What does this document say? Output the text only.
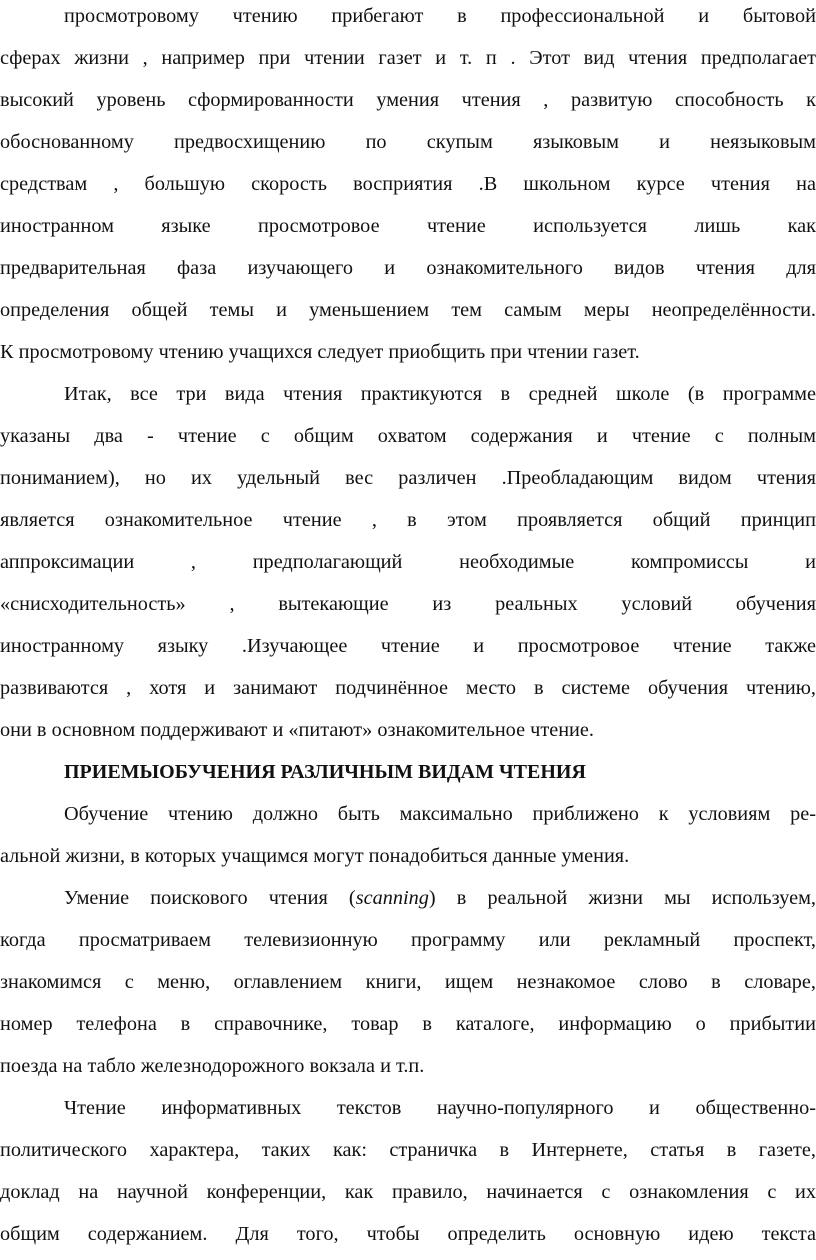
просмотровому чтению прибегают в профессиональной и бытовой
сферах жизни , например при чтении газет и т. п . Этот вид чтения предполагает
высокий уровень сформированности умения чтения , развитую способность к
обоснованному предвосхищению по скупым языковым и неязыковым
средствам , большую скорость восприятия .В школьном курсе чтения на
иностранном языке просмотровое чтение используется лишь как
предварительная фаза изучающего и ознакомительного видов чтения для
определения общей темы и уменьшением тем самым меры неопределённости.
К просмотровому чтению учащихся следует приобщить при чтении газет.
Итак, все три вида чтения практикуются в средней школе (в программе
указаны два - чтение с общим охватом содержания и чтение с полным
пониманием), но их удельный вес различен .Преобладающим видом чтения
является ознакомительное чтение , в этом проявляется общий принцип
аппроксимации , предполагающий необходимые компромиссы и
«снисходительность» , вытекающие из реальных условий обучения
иностранному языку .Изучающее чтение и просмотровое чтение также
развиваются , хотя и занимают подчинённое место в системе обучения чтению,
они в основном поддерживают и «питают» ознакомительное чтение.
ПРИЕМЫОБУЧЕНИЯ РАЗЛИЧНЫМ ВИДАМ ЧТЕНИЯ
Обучение чтению должно быть максимально приближено к условиям ре-
альной жизни, в которых учащимся могут понадобиться данные умения.
Умение поискового чтения (scanning) в реальной жизни мы используем,
когда просматриваем телевизионную программу или рекламный проспект,
знакомимся с меню, оглавлением книги, ищем незнакомое слово в словаре,
номер телефона в справочнике, товар в каталоге, информацию о прибытии
поезда на табло железнодорожного вокзала и т.п.
Чтение информативных текстов научно-популярного и общественно-
политического характера, таких как: страничка в Интернете, статья в газете,
доклад на научной конференции, как правило, начинается с ознакомления с их
общим содержанием. Для того, чтобы определить основную идею текста
